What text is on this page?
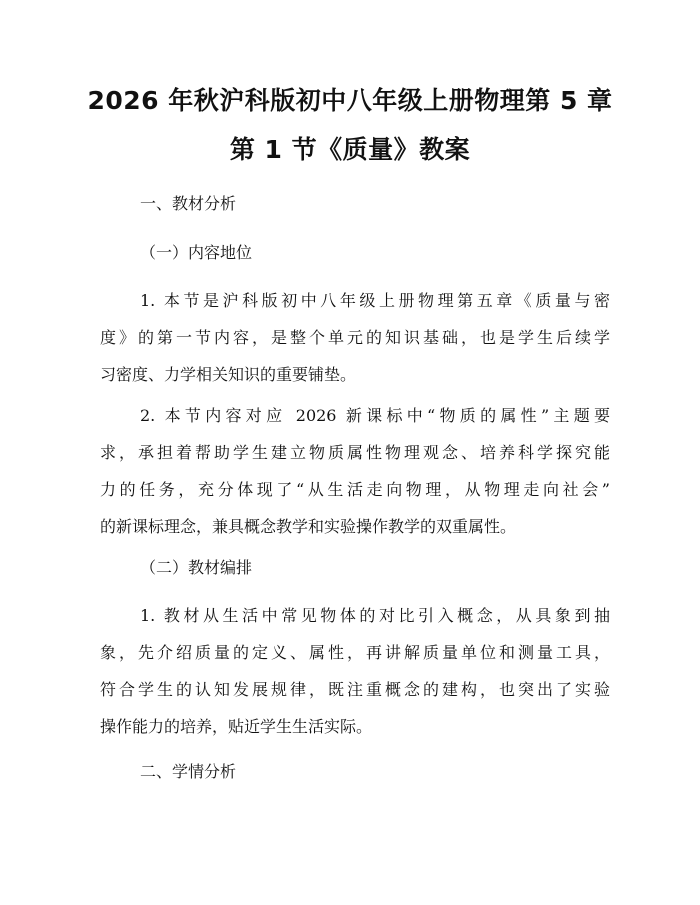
2026 年秋沪科版初中八年级上册物理第 5 章
第 1 节《质量》教案

一、教材分析

（一）内容地位

1. 本节是沪科版初中八年级上册物理第五章《质量与密
度》的第一节内容，是整个单元的知识基础，也是学生后续学
习密度、力学相关知识的重要铺垫。
2. 本节内容对应 2026 新课标中“物质的属性”主题要
求，承担着帮助学生建立物质属性物理观念、培养科学探究能
力的任务，充分体现了“从生活走向物理，从物理走向社会”
的新课标理念，兼具概念教学和实验操作教学的双重属性。

（二）教材编排

1. 教材从生活中常见物体的对比引入概念，从具象到抽
象，先介绍质量的定义、属性，再讲解质量单位和测量工具，
符合学生的认知发展规律，既注重概念的建构，也突出了实验
操作能力的培养，贴近学生生活实际。

二、学情分析
